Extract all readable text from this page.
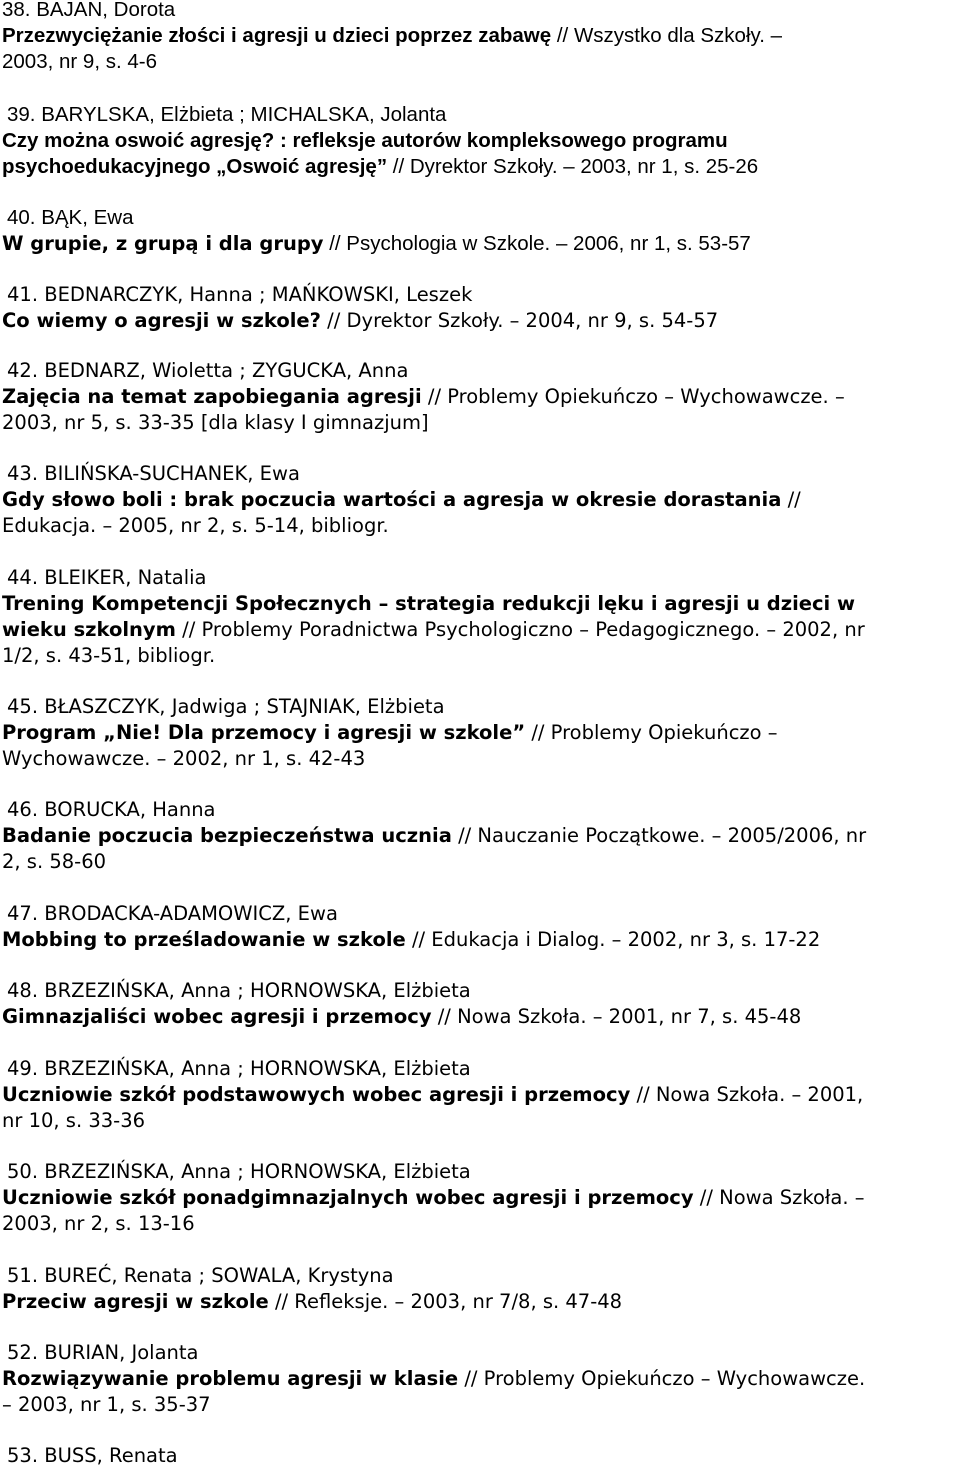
38. BAJAN, Dorota
Przezwyciężanie złości i agresji u dzieci poprzez zabawę // Wszystko dla Szkoły. –
2003, nr 9, s. 4-6
39. BARYLSKA, Elżbieta ; MICHALSKA, Jolanta
Czy można oswoić agresję? : refleksje autorów kompleksowego programu
psychoedukacyjnego „Oswoić agresję” // Dyrektor Szkoły. – 2003, nr 1, s. 25-26
40. BĄK, Ewa
W grupie, z grupą i dla grupy // Psychologia w Szkole. – 2006, nr 1, s. 53-57
41. BEDNARCZYK, Hanna ; MAŃKOWSKI, Leszek
Co wiemy o agresji w szkole? // Dyrektor Szkoły. – 2004, nr 9, s. 54-57
42. BEDNARZ, Wioletta ; ZYGUCKA, Anna
Zajęcia na temat zapobiegania agresji // Problemy Opiekuńczo – Wychowawcze. –
2003, nr 5, s. 33-35 [dla klasy I gimnazjum]
43. BILIŃSKA-SUCHANEK, Ewa
Gdy słowo boli : brak poczucia wartości a agresja w okresie dorastania //
Edukacja. – 2005, nr 2, s. 5-14, bibliogr.
44. BLEIKER, Natalia
Trening Kompetencji Społecznych – strategia redukcji lęku i agresji u dzieci w
wieku szkolnym // Problemy Poradnictwa Psychologiczno – Pedagogicznego. – 2002, nr
1/2, s. 43-51, bibliogr.
45. BŁASZCZYK, Jadwiga ; STAJNIAK, Elżbieta
Program „Nie! Dla przemocy i agresji w szkole” // Problemy Opiekuńczo –
Wychowawcze. – 2002, nr 1, s. 42-43
46. BORUCKA, Hanna
Badanie poczucia bezpieczeństwa ucznia // Nauczanie Początkowe. – 2005/2006, nr
2, s. 58-60
47. BRODACKA-ADAMOWICZ, Ewa
Mobbing to prześladowanie w szkole // Edukacja i Dialog. – 2002, nr 3, s. 17-22
48. BRZEZIŃSKA, Anna ; HORNOWSKA, Elżbieta
Gimnazjaliści wobec agresji i przemocy // Nowa Szkoła. – 2001, nr 7, s. 45-48
49. BRZEZIŃSKA, Anna ; HORNOWSKA, Elżbieta
Uczniowie szkół podstawowych wobec agresji i przemocy // Nowa Szkoła. – 2001,
nr 10, s. 33-36
50. BRZEZIŃSKA, Anna ; HORNOWSKA, Elżbieta
Uczniowie szkół ponadgimnazjalnych wobec agresji i przemocy // Nowa Szkoła. –
2003, nr 2, s. 13-16
51. BUREĆ, Renata ; SOWALA, Krystyna
Przeciw agresji w szkole // Refleksje. – 2003, nr 7/8, s. 47-48
52. BURIAN, Jolanta
Rozwiązywanie problemu agresji w klasie // Problemy Opiekuńczo – Wychowawcze.
– 2003, nr 1, s. 35-37
53. BUSS, Renata
